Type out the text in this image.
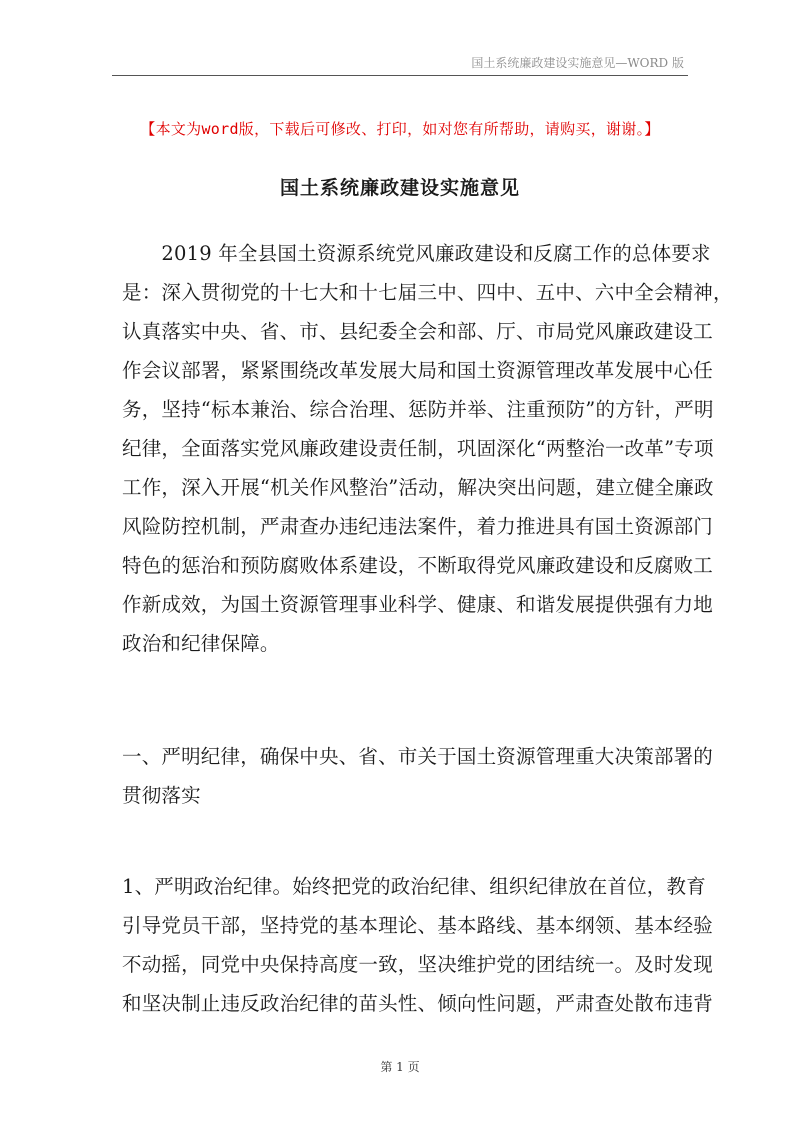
国土系统廉政建设实施意见—WORD 版
【本文为word版，下载后可修改、打印，如对您有所帮助，请购买，谢谢。】
国土系统廉政建设实施意见

　　2019 年全县国土资源系统党风廉政建设和反腐工作的总体要求

是：深入贯彻党的十七大和十七届三中、四中、五中、六中全会精神，

认真落实中央、省、市、县纪委全会和部、厅、市局党风廉政建设工

作会议部署，紧紧围绕改革发展大局和国土资源管理改革发展中心任

务，坚持“标本兼治、综合治理、惩防并举、注重预防”的方针，严明

纪律，全面落实党风廉政建设责任制，巩固深化“两整治一改革”专项

工作，深入开展“机关作风整治”活动，解决突出问题，建立健全廉政

风险防控机制，严肃查办违纪违法案件，着力推进具有国土资源部门

特色的惩治和预防腐败体系建设，不断取得党风廉政建设和反腐败工

作新成效，为国土资源管理事业科学、健康、和谐发展提供强有力地

政治和纪律保障。

一、严明纪律，确保中央、省、市关于国土资源管理重大决策部署的

贯彻落实

1、严明政治纪律。始终把党的政治纪律、组织纪律放在首位，教育

引导党员干部，坚持党的基本理论、基本路线、基本纲领、基本经验

不动摇，同党中央保持高度一致，坚决维护党的团结统一。及时发现

和坚决制止违反政治纪律的苗头性、倾向性问题，严肃查处散布违背

第 1 页
